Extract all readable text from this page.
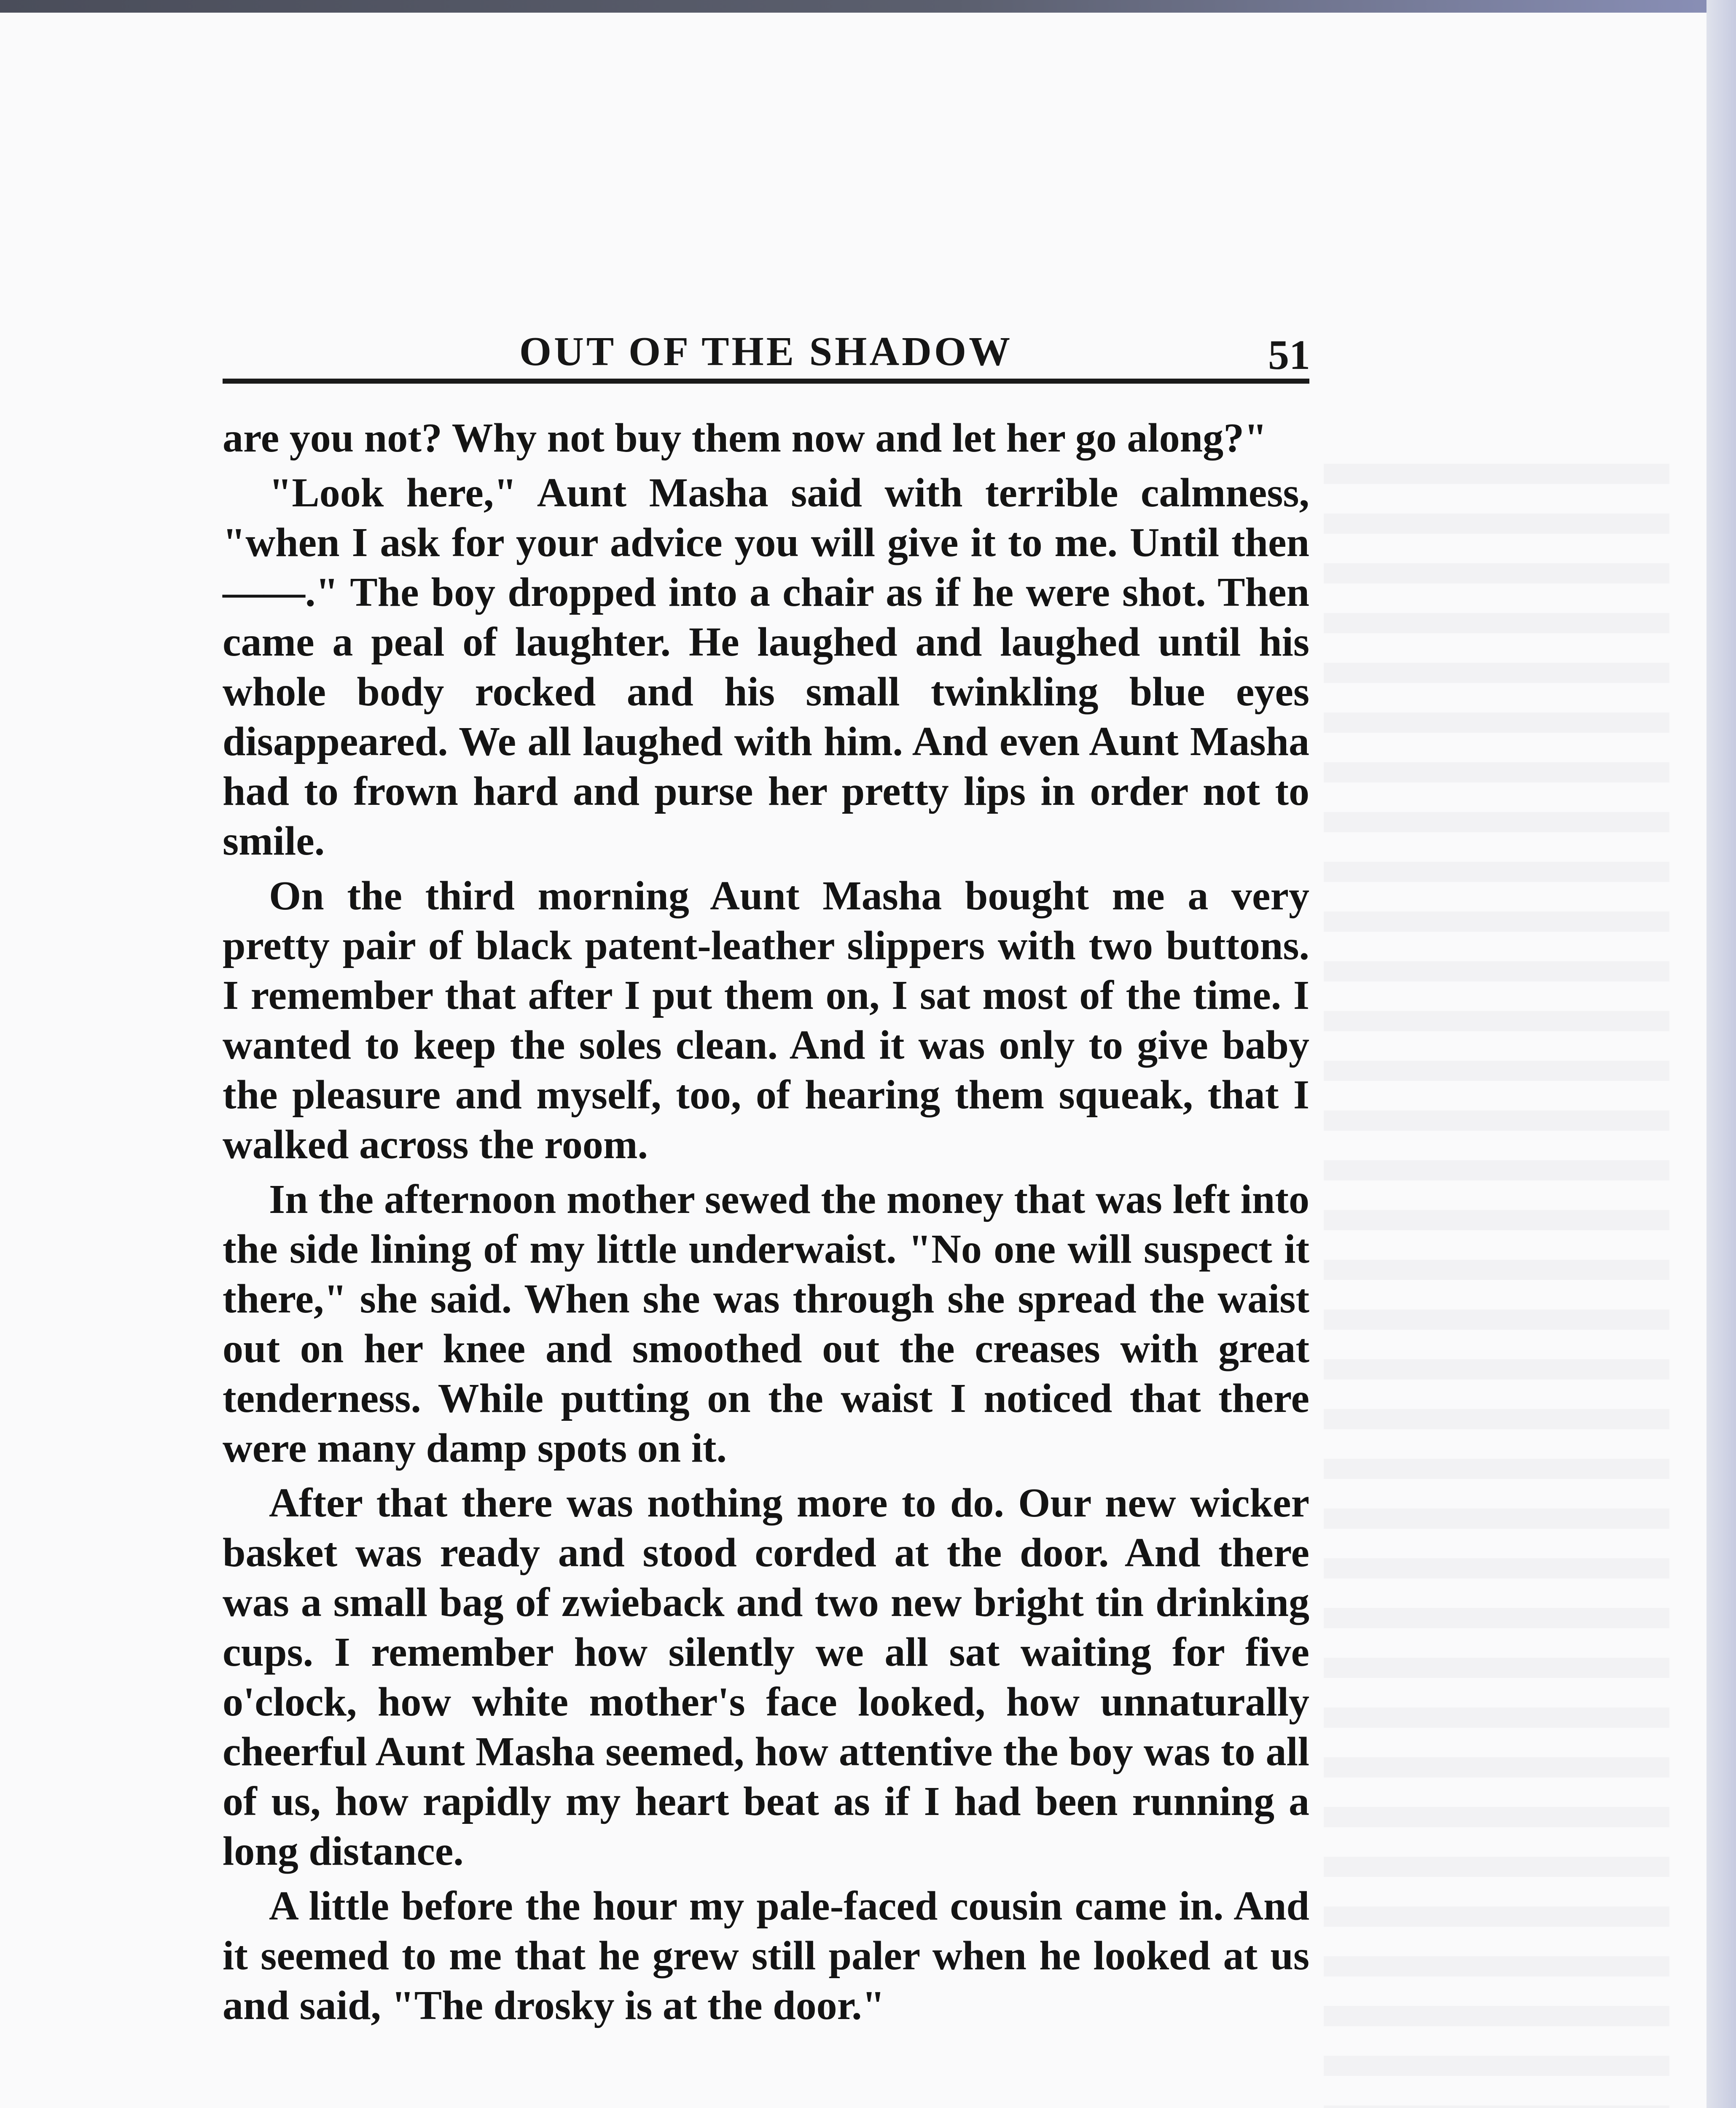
OUT OF THE SHADOW	51

are you not? Why not buy them now and let her go along?"

"Look here," Aunt Masha said with terrible calmness, "when I ask for your advice you will give it to me. Until then——." The boy dropped into a chair as if he were shot. Then came a peal of laughter. He laughed and laughed until his whole body rocked and his small twinkling blue eyes disappeared. We all laughed with him. And even Aunt Masha had to frown hard and purse her pretty lips in order not to smile.

On the third morning Aunt Masha bought me a very pretty pair of black patent-leather slippers with two buttons. I remember that after I put them on, I sat most of the time. I wanted to keep the soles clean. And it was only to give baby the pleasure and myself, too, of hearing them squeak, that I walked across the room.

In the afternoon mother sewed the money that was left into the side lining of my little underwaist. "No one will suspect it there," she said. When she was through she spread the waist out on her knee and smoothed out the creases with great tenderness. While putting on the waist I noticed that there were many damp spots on it.

After that there was nothing more to do. Our new wicker basket was ready and stood corded at the door. And there was a small bag of zwieback and two new bright tin drinking cups. I remember how silently we all sat waiting for five o'clock, how white mother's face looked, how unnaturally cheerful Aunt Masha seemed, how attentive the boy was to all of us, how rapidly my heart beat as if I had been running a long distance.

A little before the hour my pale-faced cousin came in. And it seemed to me that he grew still paler when he looked at us and said, "The drosky is at the door."
